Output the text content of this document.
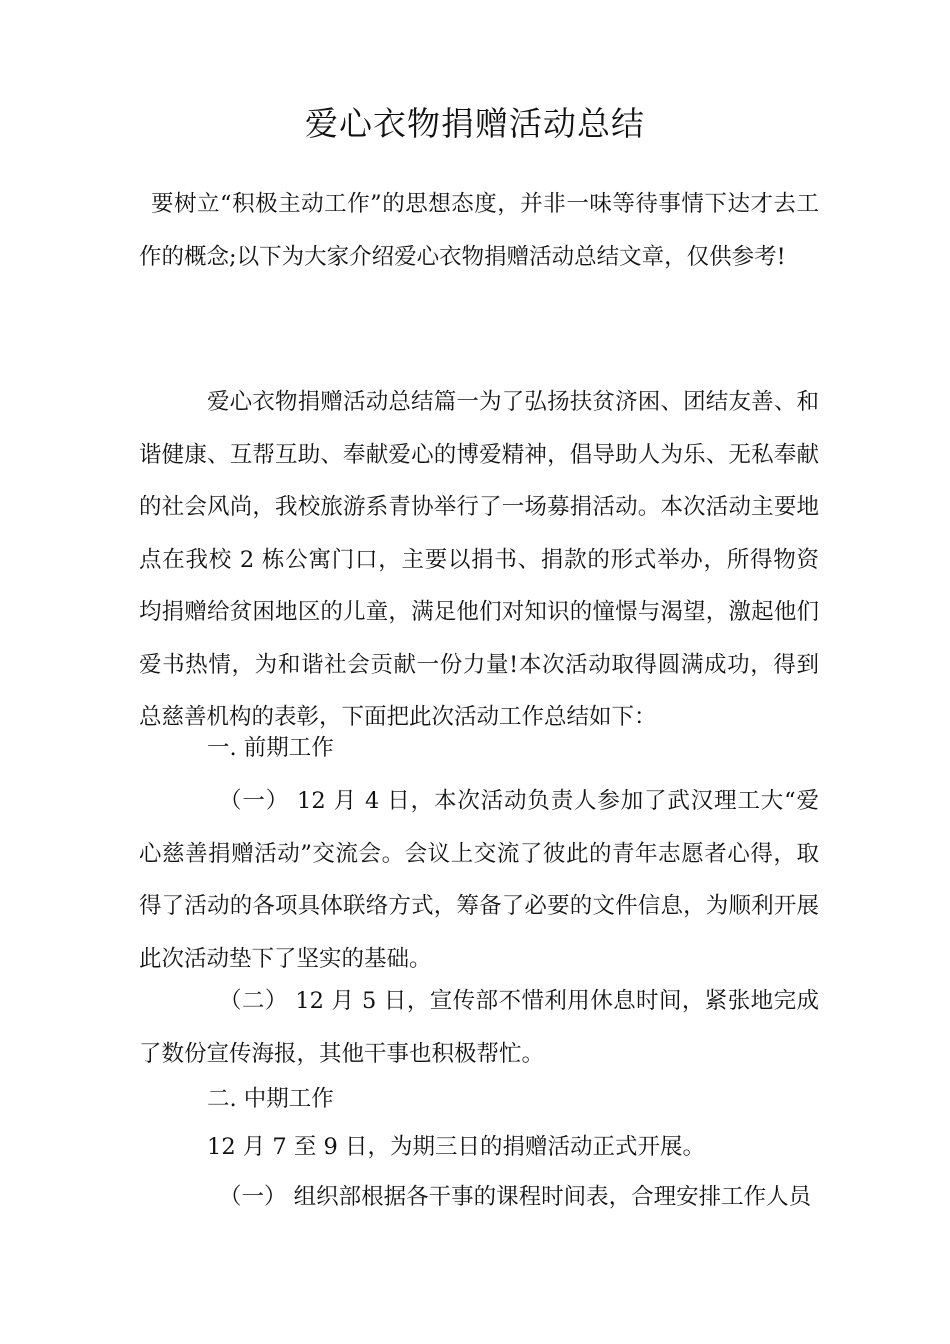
爱心衣物捐赠活动总结

要树立“积极主动工作”的思想态度，并非一味等待事情下达才去工作的概念;以下为大家介绍爱心衣物捐赠活动总结文章，仅供参考!

爱心衣物捐赠活动总结篇一为了弘扬扶贫济困、团结友善、和谐健康、互帮互助、奉献爱心的博爱精神，倡导助人为乐、无私奉献的社会风尚，我校旅游系青协举行了一场募捐活动。本次活动主要地点在我校 2 栋公寓门口，主要以捐书、捐款的形式举办，所得物资均捐赠给贫困地区的儿童，满足他们对知识的憧憬与渴望，激起他们爱书热情，为和谐社会贡献一份力量!本次活动取得圆满成功，得到总慈善机构的表彰，下面把此次活动工作总结如下：

一. 前期工作

（一） 12 月 4 日，本次活动负责人参加了武汉理工大“爱心慈善捐赠活动”交流会。会议上交流了彼此的青年志愿者心得，取得了活动的各项具体联络方式，筹备了必要的文件信息，为顺利开展此次活动垫下了坚实的基础。

（二） 12 月 5 日，宣传部不惜利用休息时间，紧张地完成了数份宣传海报，其他干事也积极帮忙。

二. 中期工作

12 月 7 至 9 日，为期三日的捐赠活动正式开展。

（一） 组织部根据各干事的课程时间表，合理安排工作人员
